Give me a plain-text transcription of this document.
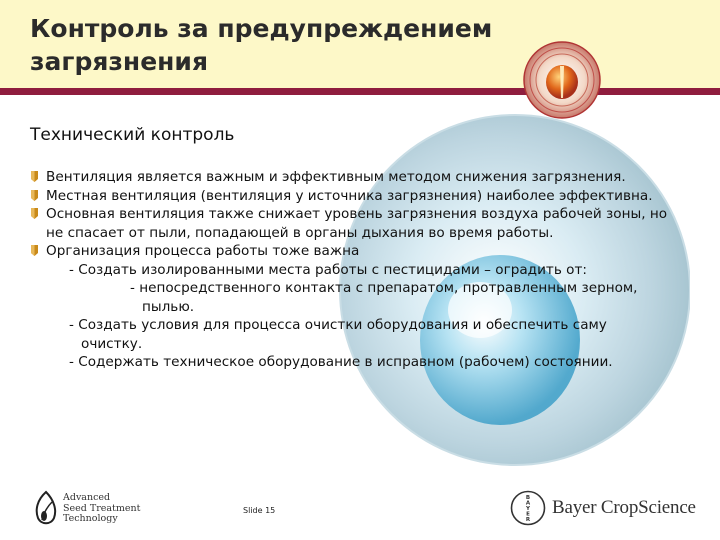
Контроль за предупреждением
загрязнения
Технический контроль
Вентиляция является важным и эффективным методом снижения загрязнения.
Местная вентиляция (вентиляция у источника загрязнения) наиболее эффективна.
Основная вентиляция также снижает уровень загрязнения воздуха рабочей зоны, но не спасает от пыли, попадающей в органы дыхания во время работы.
Организация процесса работы тоже важна
- Создать изолированными места работы с пестицидами – оградить от:
- непосредственного контакта с препаратом, протравленным зерном, пылью.
- Создать условия для процесса очистки оборудования и обеспечить саму очистку.
- Содержать техническое оборудование в исправном (рабочем) состоянии.
Advanced
Seed Treatment
Technology
Slide 15
B
A
Y
E
R
Bayer CropScience
